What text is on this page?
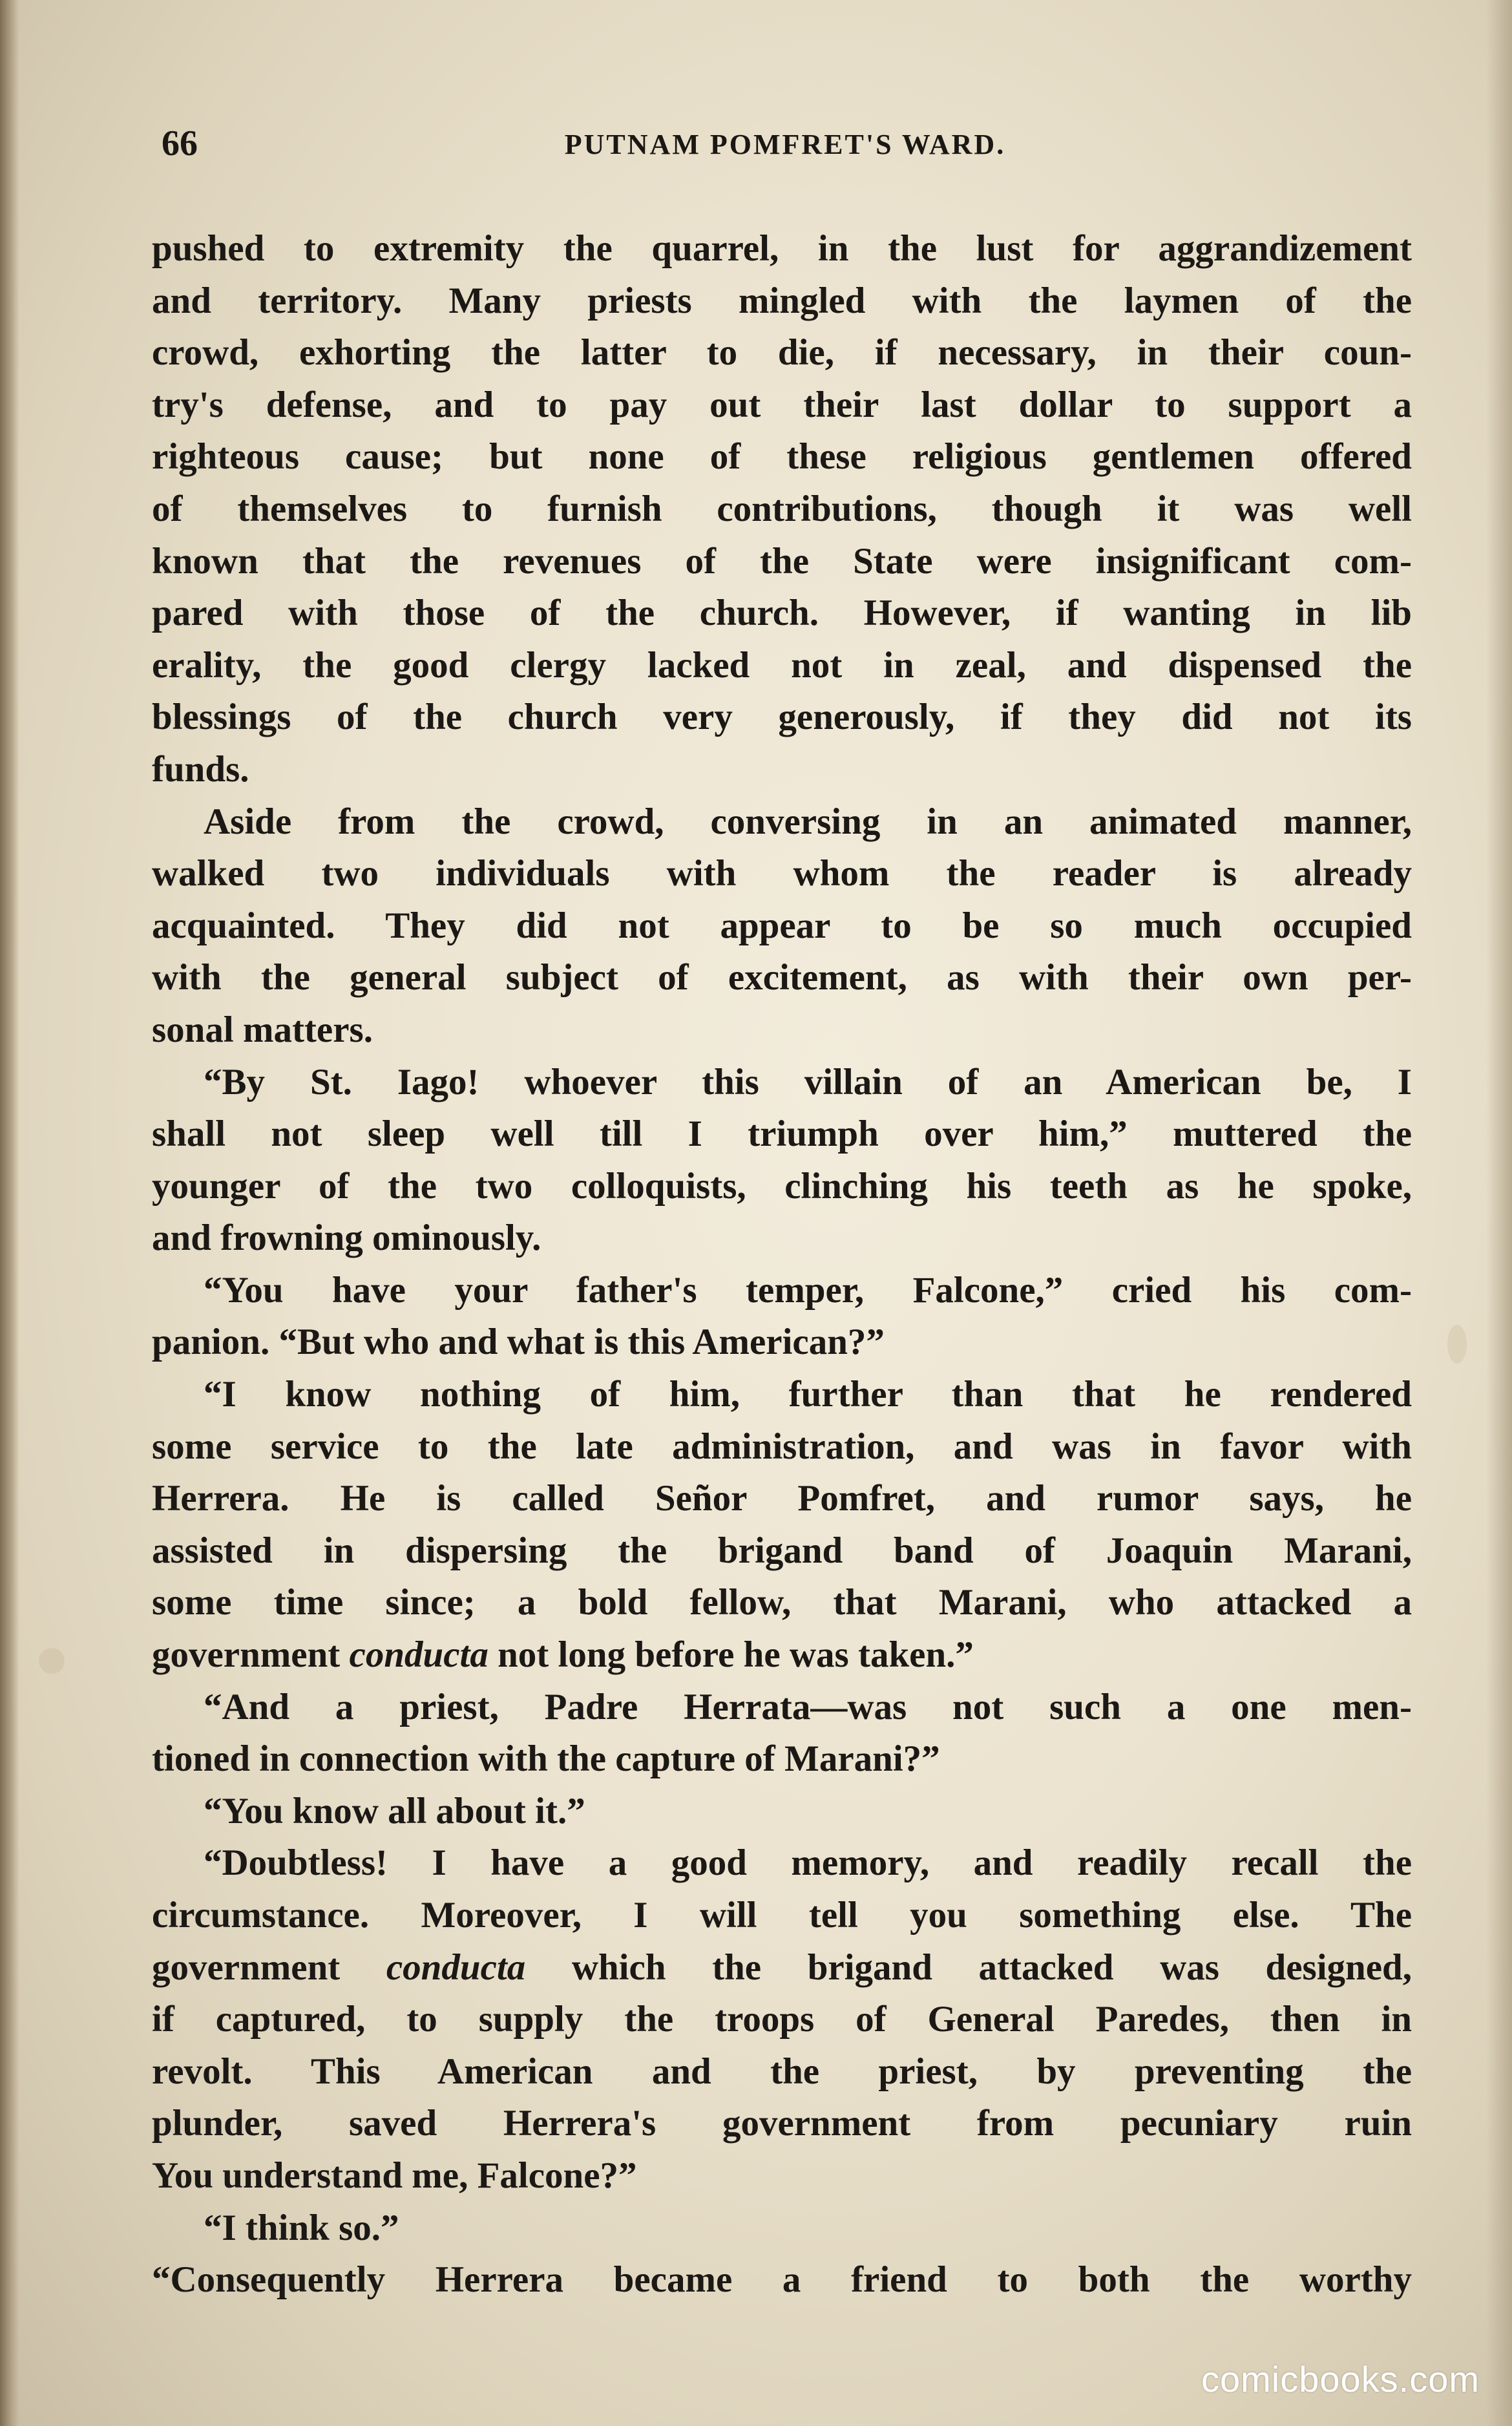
66	PUTNAM POMFRET'S WARD.
pushed to extremity the quarrel, in the lust for aggrandizement
and territory. Many priests mingled with the laymen of the
crowd, exhorting the latter to die, if necessary, in their coun-
try's defense, and to pay out their last dollar to support a
righteous cause; but none of these religious gentlemen offered
of themselves to furnish contributions, though it was well
known that the revenues of the State were insignificant com-
pared with those of the church. However, if wanting in lib
erality, the good clergy lacked not in zeal, and dispensed the
blessings of the church very generously, if they did not its
funds.
Aside from the crowd, conversing in an animated manner,
walked two individuals with whom the reader is already
acquainted. They did not appear to be so much occupied
with the general subject of excitement, as with their own per-
sonal matters.
“By St. Iago! whoever this villain of an American be, I
shall not sleep well till I triumph over him,” muttered the
younger of the two colloquists, clinching his teeth as he spoke,
and frowning ominously.
“You have your father's temper, Falcone,” cried his com-
panion. “But who and what is this American?”
“I know nothing of him, further than that he rendered
some service to the late administration, and was in favor with
Herrera. He is called Señor Pomfret, and rumor says, he
assisted in dispersing the brigand band of Joaquin Marani,
some time since; a bold fellow, that Marani, who attacked a
government conducta not long before he was taken.”
“And a priest, Padre Herrata—was not such a one men-
tioned in connection with the capture of Marani?”
“You know all about it.”
“Doubtless! I have a good memory, and readily recall the
circumstance. Moreover, I will tell you something else. The
government conducta which the brigand attacked was designed,
if captured, to supply the troops of General Paredes, then in
revolt. This American and the priest, by preventing the
plunder, saved Herrera's government from pecuniary ruin
You understand me, Falcone?”
“I think so.”
“Consequently Herrera became a friend to both the worthy
comicbooks.com
